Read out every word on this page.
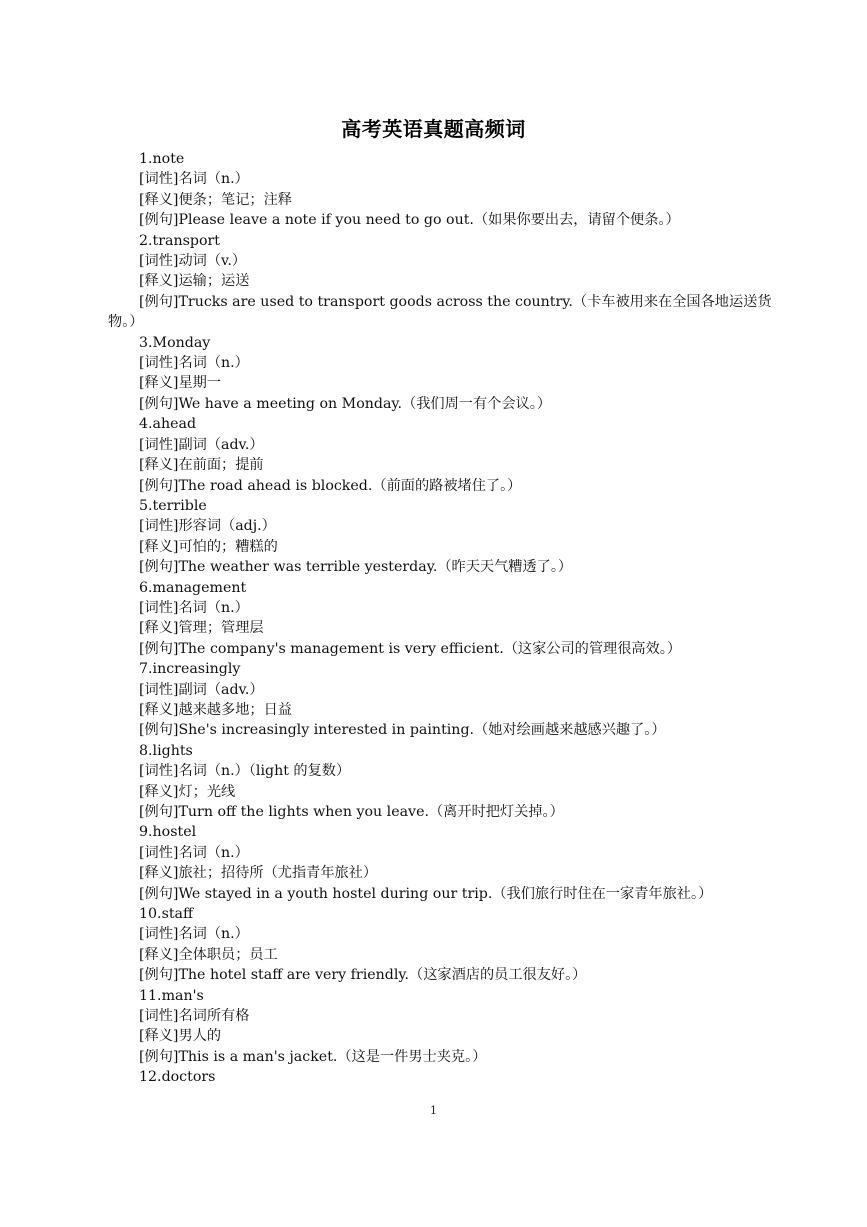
高考英语真题高频词
1.note
[词性]名词（n.）
[释义]便条；笔记；注释
[例句]Please leave a note if you need to go out.（如果你要出去，请留个便条。）
2.transport
[词性]动词（v.）
[释义]运输；运送
[例句]Trucks are used to transport goods across the country.（卡车被用来在全国各地运送货物。）
3.Monday
[词性]名词（n.）
[释义]星期一
[例句]We have a meeting on Monday.（我们周一有个会议。）
4.ahead
[词性]副词（adv.）
[释义]在前面；提前
[例句]The road ahead is blocked.（前面的路被堵住了。）
5.terrible
[词性]形容词（adj.）
[释义]可怕的；糟糕的
[例句]The weather was terrible yesterday.（昨天天气糟透了。）
6.management
[词性]名词（n.）
[释义]管理；管理层
[例句]The company's management is very efficient.（这家公司的管理很高效。）
7.increasingly
[词性]副词（adv.）
[释义]越来越多地；日益
[例句]She's increasingly interested in painting.（她对绘画越来越感兴趣了。）
8.lights
[词性]名词（n.）（light 的复数）
[释义]灯；光线
[例句]Turn off the lights when you leave.（离开时把灯关掉。）
9.hostel
[词性]名词（n.）
[释义]旅社；招待所（尤指青年旅社）
[例句]We stayed in a youth hostel during our trip.（我们旅行时住在一家青年旅社。）
10.staff
[词性]名词（n.）
[释义]全体职员；员工
[例句]The hotel staff are very friendly.（这家酒店的员工很友好。）
11.man's
[词性]名词所有格
[释义]男人的
[例句]This is a man's jacket.（这是一件男士夹克。）
12.doctors
1
